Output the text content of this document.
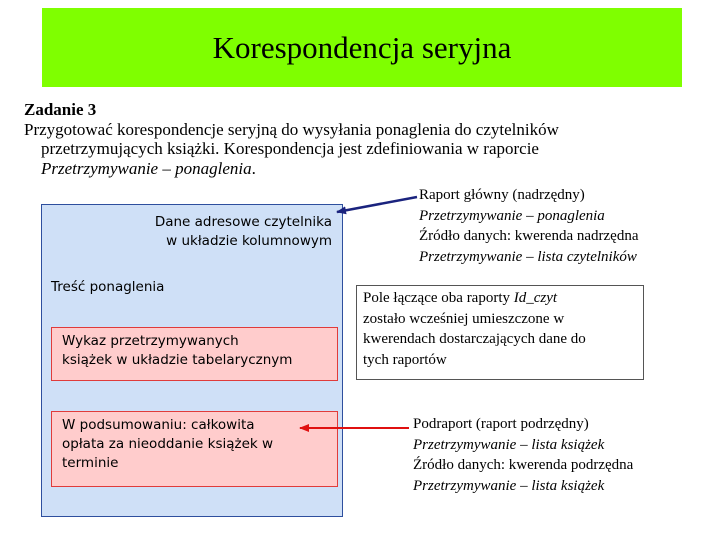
Korespondencja seryjna
Zadanie 3
Przygotować korespondencje seryjną do wysyłania ponaglenia do czytelników
przetrzymujących książki. Korespondencja jest zdefiniowania w raporcie
Przetrzymywanie – ponaglenia.
Dane adresowe czytelnika
w układzie kolumnowym
Treść ponaglenia
Wykaz przetrzymywanych
książek w układzie tabelarycznym
W podsumowaniu: całkowita
opłata za nieoddanie książek w
terminie
Raport główny (nadrzędny)
Przetrzymywanie – ponaglenia
Źródło danych: kwerenda nadrzędna
Przetrzymywanie – lista czytelników
Pole łączące oba raporty Id_czyt
zostało wcześniej umieszczone w
kwerendach dostarczających dane do
tych raportów
Podraport (raport podrzędny)
Przetrzymywanie – lista książek
Źródło danych: kwerenda podrzędna
Przetrzymywanie – lista książek
